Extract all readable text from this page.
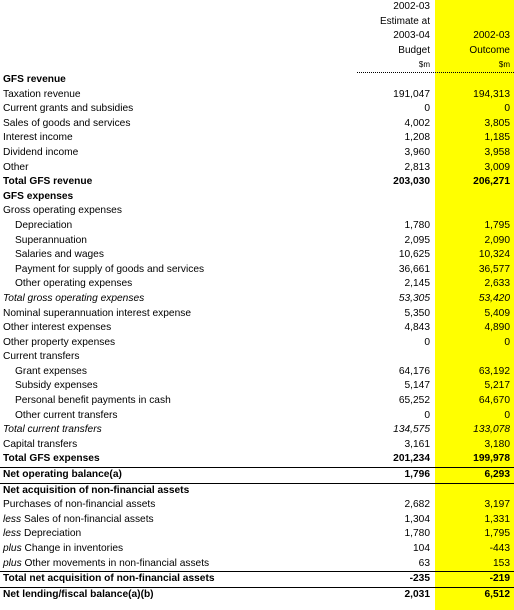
2002-03
Estimate at
2003-04
Budget
$m
2002-03
Outcome
$m
GFS revenue
Taxation revenue	191,047	194,313
Current grants and subsidies	0	0
Sales of goods and services	4,002	3,805
Interest income	1,208	1,185
Dividend income	3,960	3,958
Other	2,813	3,009
Total GFS revenue	203,030	206,271
GFS expenses
Gross operating expenses
Depreciation	1,780	1,795
Superannuation	2,095	2,090
Salaries and wages	10,625	10,324
Payment for supply of goods and services	36,661	36,577
Other operating expenses	2,145	2,633
Total gross operating expenses	53,305	53,420
Nominal superannuation interest expense	5,350	5,409
Other interest expenses	4,843	4,890
Other property expenses	0	0
Current transfers
Grant expenses	64,176	63,192
Subsidy expenses	5,147	5,217
Personal benefit payments in cash	65,252	64,670
Other current transfers	0	0
Total current transfers	134,575	133,078
Capital transfers	3,161	3,180
Total GFS expenses	201,234	199,978
Net operating balance(a)	1,796	6,293
Net acquisition of non-financial assets
Purchases of non-financial assets	2,682	3,197
less Sales of non-financial assets	1,304	1,331
less Depreciation	1,780	1,795
plus Change in inventories	104	-443
plus Other movements in non-financial assets	63	153
Total net acquisition of non-financial assets	-235	-219
Net lending/fiscal balance(a)(b)	2,031	6,512
